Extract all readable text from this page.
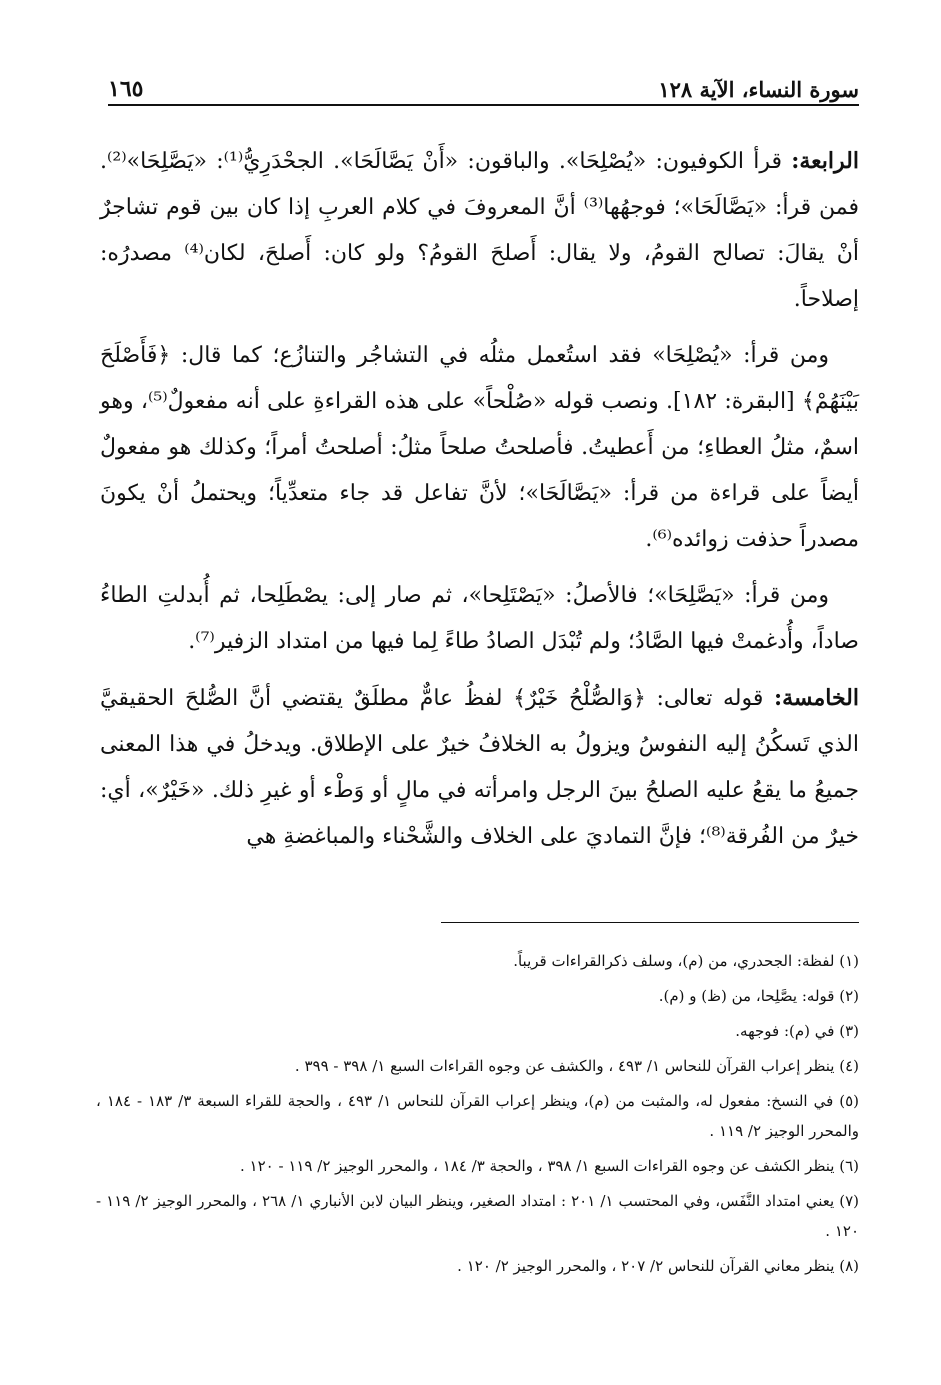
سورة النساء، الآية ١٢٨
١٦٥

الرابعة: قرأ الكوفيون: «يُصْلِحَا». والباقون: «أَنْ يَصَّالَحَا». الجحْدَرِيُّ⁽¹⁾: «يَصَّلِحَا»⁽²⁾. فمن قرأ: «يَصَّالَحَا»؛ فوجهُها⁽³⁾ أنَّ المعروفَ في كلام العربِ إذا كان بين قوم تشاجرٌ أنْ يقالَ: تصالح القومُ، ولا يقال: أَصلحَ القومُ؟ ولو كان: أَصلحَ، لكان⁽⁴⁾ مصدرُه: إصلاحاً.

ومن قرأ: «يُصْلِحَا» فقد استُعمل مثلُه في التشاجُر والتنازُع؛ كما قال: ﴿فَأَصْلَحَ بَيْنَهُمْ﴾ [البقرة: ١٨٢]. ونصب قوله «صُلْحاً» على هذه القراءةِ على أنه مفعولٌ⁽⁵⁾، وهو اسمٌ، مثلُ العطاءِ؛ من أَعطيتُ. فأصلحتُ صلحاً مثلُ: أصلحتُ أمراً؛ وكذلك هو مفعولٌ أيضاً على قراءة من قرأ: «يَصَّالَحَا»؛ لأنَّ تفاعل قد جاء متعدِّياً؛ ويحتملُ أنْ يكونَ مصدراً حذفت زوائده⁽⁶⁾.

ومن قرأ: «يَصَّلِحَا»؛ فالأصلُ: «يَصْتَلِحا»، ثم صار إلى: يصْطَلِحا، ثم أُبدلتِ الطاءُ صاداً، وأُدغمتْ فيها الصَّادُ؛ ولم تُبْدَل الصادُ طاءً لِما فيها من امتداد الزفير⁽⁷⁾.

الخامسة: قوله تعالى: ﴿وَالصُّلْحُ خَيْرٌ﴾ لفظُ عامٌّ مطلَقٌ يقتضي أنَّ الصُّلحَ الحقيقيَّ الذي تَسكُنُ إليه النفوسُ ويزولُ به الخلافُ خيرٌ على الإطلاق. ويدخلُ في هذا المعنى جميعُ ما يقعُ عليه الصلحُ بينَ الرجل وامرأته في مالٍ أو وَطْء أو غيرِ ذلك. «خَيْرٌ»، أي: خيرٌ من الفُرقة⁽⁸⁾؛ فإنَّ التماديَ على الخلاف والشَّحْناء والمباغضةِ هي

(١) لفظة: الجحدري، من (م)، وسلف ذكرالقراءات قريباً.

(٢) قوله: يصَّلِحا، من (ظ) و (م).

(٣) في (م): فوجهه.

(٤) ينظر إعراب القرآن للنحاس ١/ ٤٩٣ ، والكشف عن وجوه القراءات السبع ١/ ٣٩٨ - ٣٩٩ .

(٥) في النسخ: مفعول له، والمثبت من (م)، وينظر إعراب القرآن للنحاس ١/ ٤٩٣ ، والحجة للقراء السبعة ٣/ ١٨٣ - ١٨٤ ، والمحرر الوجيز ٢/ ١١٩ .

(٦) ينظر الكشف عن وجوه القراءات السبع ١/ ٣٩٨ ، والحجة ٣/ ١٨٤ ، والمحرر الوجيز ٢/ ١١٩ - ١٢٠ .

(٧) يعني امتداد النَّفَس، وفي المحتسب ١/ ٢٠١ : امتداد الصغير، وينظر البيان لابن الأنباري ١/ ٢٦٨ ، والمحرر الوجيز ٢/ ١١٩ - ١٢٠ .

(٨) ينظر معاني القرآن للنحاس ٢/ ٢٠٧ ، والمحرر الوجيز ٢/ ١٢٠ .
